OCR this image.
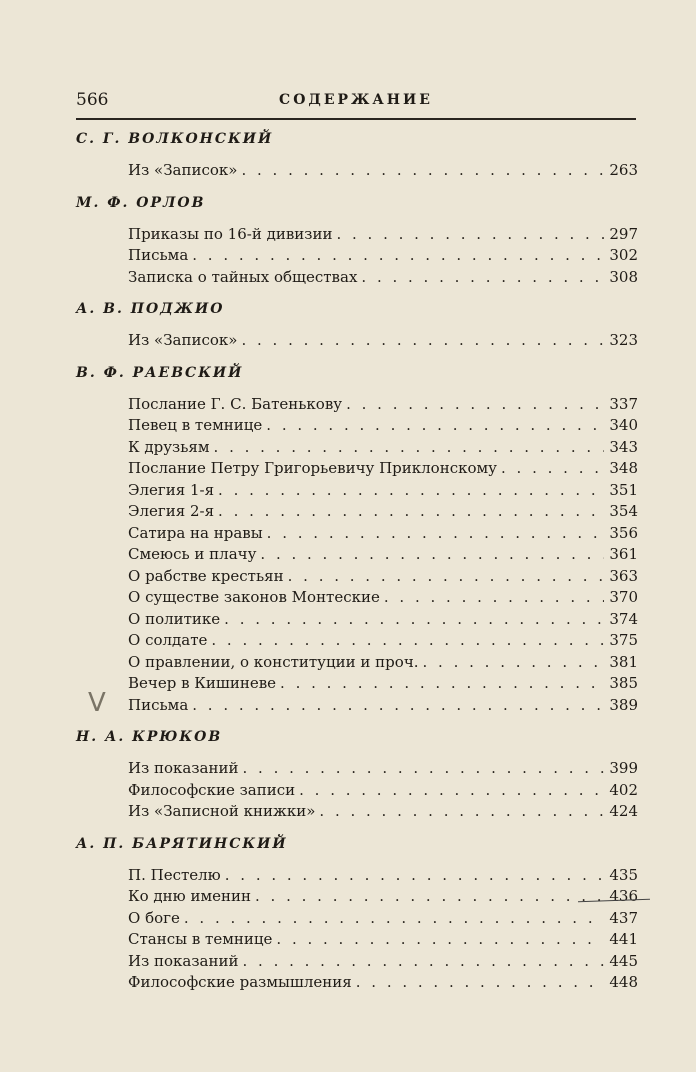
566	СОДЕРЖАНИЕ
С. Г. ВОЛКОНСКИЙ
Из «Записок» . . .	263
М. Ф. ОРЛОВ
Приказы по 16-й дивизии . . .	297
Письма . . .	302
Записка о тайных обществах . . .	308
А. В. ПОДЖИО
Из «Записок» . . .	323
В. Ф. РАЕВСКИЙ
Послание Г. С. Батенькову . . .	337
Певец в темнице . . .	340
К друзьям . . .	343
Послание Петру Григорьевичу Приклонскому . . .	348
Элегия 1-я . . .	351
Элегия 2-я . . .	354
Сатира на нравы . . .	356
Смеюсь и плачу . . .	361
О рабстве крестьян . . .	363
О существе законов Монтеские . . .	370
О политике . . .	374
О солдате . . .	375
О правлении, о конституции и проч. . . .	381
Вечер в Кишиневе . . .	385
Письма . . .	389
Н. А. КРЮКОВ
Из показаний . . .	399
Философские записи . . .	402
Из «Записной книжки» . . .	424
А. П. БАРЯТИНСКИЙ
П. Пестелю . . .	435
Ко дню именин . . .	436
О боге . . .	437
Стансы в темнице . . .	441
Из показаний . . .	445
Философские размышления . . .	448
V
